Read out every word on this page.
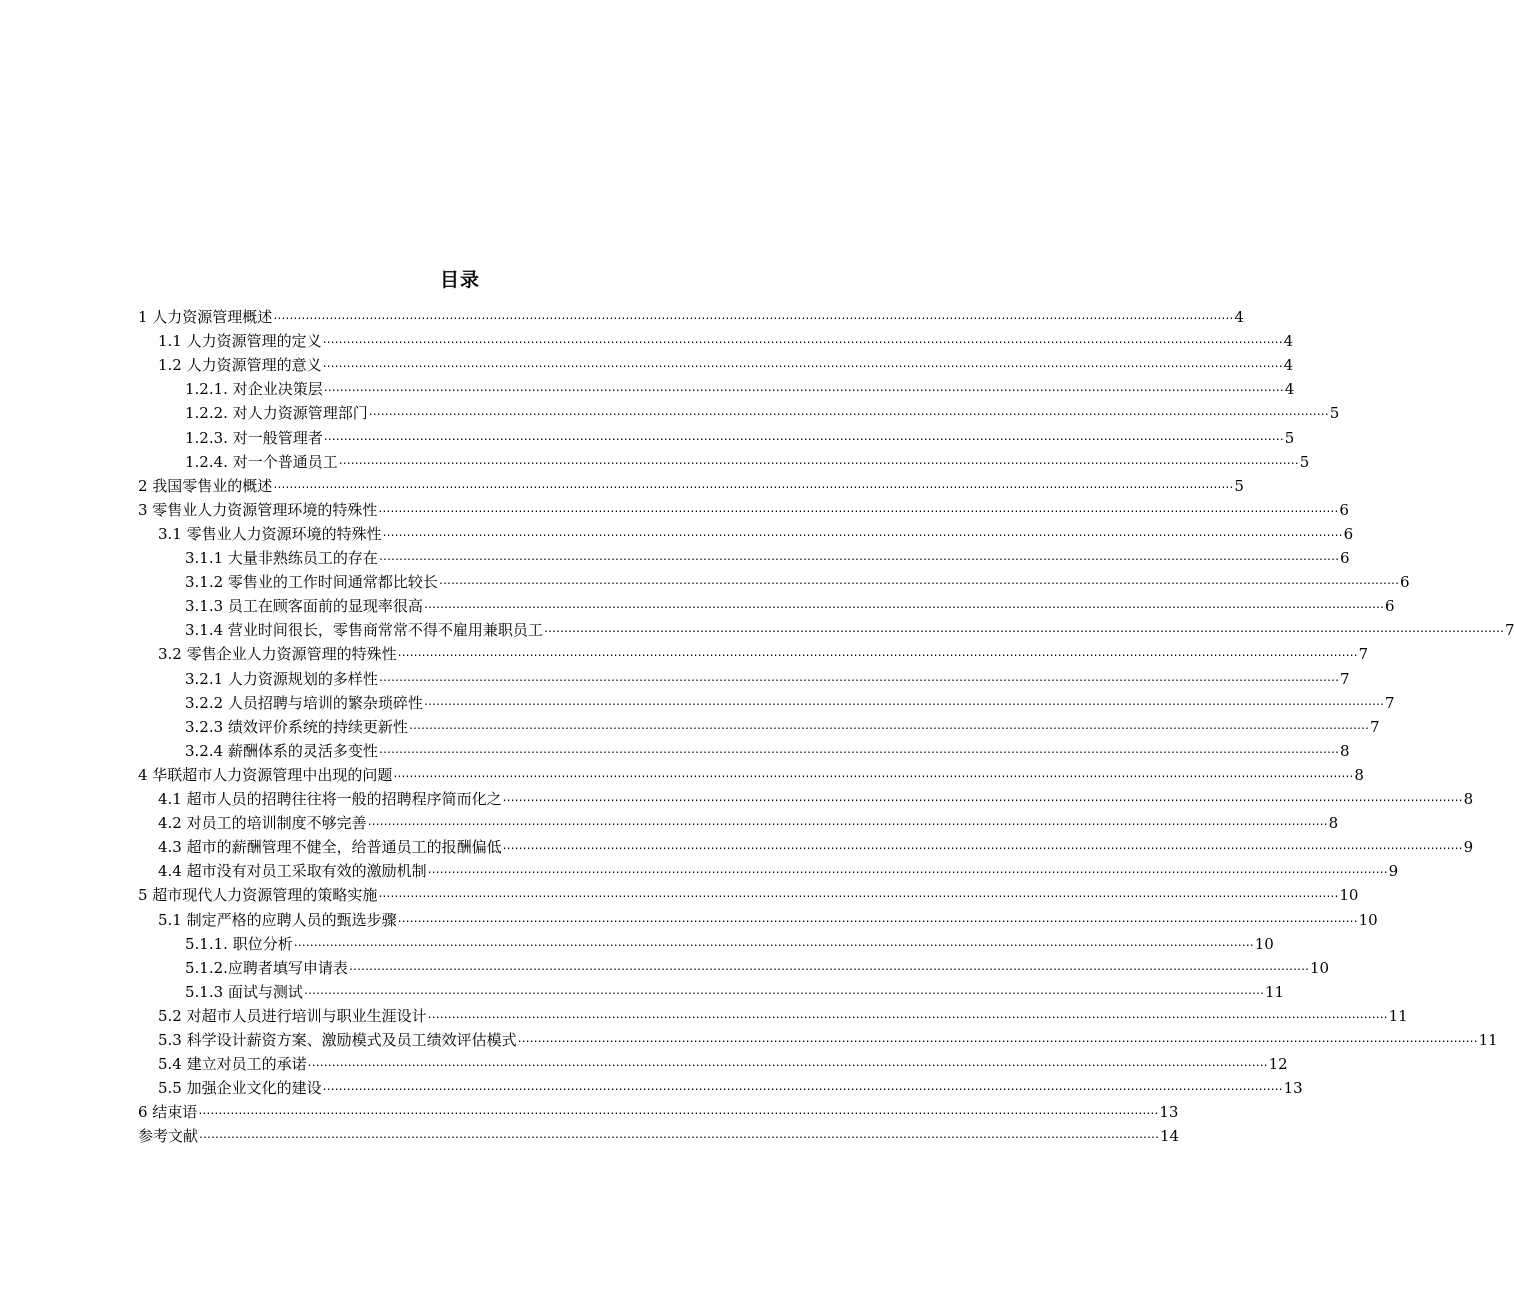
目录
1 人力资源管理概述 ⋯⋯⋯⋯⋯⋯⋯⋯⋯⋯⋯⋯⋯⋯⋯⋯⋯⋯⋯⋯⋯⋯⋯⋯⋯⋯⋯⋯⋯⋯⋯⋯⋯⋯⋯⋯⋯⋯⋯⋯⋯⋯⋯⋯⋯⋯⋯⋯⋯⋯⋯⋯⋯⋯⋯⋯⋯⋯⋯⋯⋯⋯⋯⋯⋯⋯⋯⋯⋯⋯⋯⋯⋯⋯⋯⋯⋯⋯⋯⋯ 4
1.1 人力资源管理的定义 ⋯⋯⋯⋯⋯⋯⋯⋯⋯⋯⋯⋯⋯⋯⋯⋯⋯⋯⋯⋯⋯⋯⋯⋯⋯⋯⋯⋯⋯⋯⋯⋯⋯⋯⋯⋯⋯⋯⋯⋯⋯⋯⋯⋯⋯⋯⋯⋯⋯⋯⋯⋯⋯⋯⋯⋯⋯⋯⋯⋯⋯⋯⋯⋯⋯⋯⋯⋯⋯⋯⋯⋯⋯⋯⋯⋯⋯⋯⋯⋯ 4
1.2 人力资源管理的意义 ⋯⋯⋯⋯⋯⋯⋯⋯⋯⋯⋯⋯⋯⋯⋯⋯⋯⋯⋯⋯⋯⋯⋯⋯⋯⋯⋯⋯⋯⋯⋯⋯⋯⋯⋯⋯⋯⋯⋯⋯⋯⋯⋯⋯⋯⋯⋯⋯⋯⋯⋯⋯⋯⋯⋯⋯⋯⋯⋯⋯⋯⋯⋯⋯⋯⋯⋯⋯⋯⋯⋯⋯⋯⋯⋯⋯⋯⋯⋯⋯ 4
1.2.1. 对企业决策层 ⋯⋯⋯⋯⋯⋯⋯⋯⋯⋯⋯⋯⋯⋯⋯⋯⋯⋯⋯⋯⋯⋯⋯⋯⋯⋯⋯⋯⋯⋯⋯⋯⋯⋯⋯⋯⋯⋯⋯⋯⋯⋯⋯⋯⋯⋯⋯⋯⋯⋯⋯⋯⋯⋯⋯⋯⋯⋯⋯⋯⋯⋯⋯⋯⋯⋯⋯⋯⋯⋯⋯⋯⋯⋯⋯⋯⋯⋯⋯⋯ 4
1.2.2. 对人力资源管理部门 ⋯⋯⋯⋯⋯⋯⋯⋯⋯⋯⋯⋯⋯⋯⋯⋯⋯⋯⋯⋯⋯⋯⋯⋯⋯⋯⋯⋯⋯⋯⋯⋯⋯⋯⋯⋯⋯⋯⋯⋯⋯⋯⋯⋯⋯⋯⋯⋯⋯⋯⋯⋯⋯⋯⋯⋯⋯⋯⋯⋯⋯⋯⋯⋯⋯⋯⋯⋯⋯⋯⋯⋯⋯⋯⋯⋯⋯⋯⋯⋯ 5
1.2.3. 对一般管理者 ⋯⋯⋯⋯⋯⋯⋯⋯⋯⋯⋯⋯⋯⋯⋯⋯⋯⋯⋯⋯⋯⋯⋯⋯⋯⋯⋯⋯⋯⋯⋯⋯⋯⋯⋯⋯⋯⋯⋯⋯⋯⋯⋯⋯⋯⋯⋯⋯⋯⋯⋯⋯⋯⋯⋯⋯⋯⋯⋯⋯⋯⋯⋯⋯⋯⋯⋯⋯⋯⋯⋯⋯⋯⋯⋯⋯⋯⋯⋯⋯ 5
1.2.4. 对一个普通员工 ⋯⋯⋯⋯⋯⋯⋯⋯⋯⋯⋯⋯⋯⋯⋯⋯⋯⋯⋯⋯⋯⋯⋯⋯⋯⋯⋯⋯⋯⋯⋯⋯⋯⋯⋯⋯⋯⋯⋯⋯⋯⋯⋯⋯⋯⋯⋯⋯⋯⋯⋯⋯⋯⋯⋯⋯⋯⋯⋯⋯⋯⋯⋯⋯⋯⋯⋯⋯⋯⋯⋯⋯⋯⋯⋯⋯⋯⋯⋯⋯ 5
2 我国零售业的概述 ⋯⋯⋯⋯⋯⋯⋯⋯⋯⋯⋯⋯⋯⋯⋯⋯⋯⋯⋯⋯⋯⋯⋯⋯⋯⋯⋯⋯⋯⋯⋯⋯⋯⋯⋯⋯⋯⋯⋯⋯⋯⋯⋯⋯⋯⋯⋯⋯⋯⋯⋯⋯⋯⋯⋯⋯⋯⋯⋯⋯⋯⋯⋯⋯⋯⋯⋯⋯⋯⋯⋯⋯⋯⋯⋯⋯⋯⋯⋯⋯ 5
3 零售业人力资源管理环境的特殊性 ⋯⋯⋯⋯⋯⋯⋯⋯⋯⋯⋯⋯⋯⋯⋯⋯⋯⋯⋯⋯⋯⋯⋯⋯⋯⋯⋯⋯⋯⋯⋯⋯⋯⋯⋯⋯⋯⋯⋯⋯⋯⋯⋯⋯⋯⋯⋯⋯⋯⋯⋯⋯⋯⋯⋯⋯⋯⋯⋯⋯⋯⋯⋯⋯⋯⋯⋯⋯⋯⋯⋯⋯⋯⋯⋯⋯⋯⋯⋯⋯ 6
3.1 零售业人力资源环境的特殊性 ⋯⋯⋯⋯⋯⋯⋯⋯⋯⋯⋯⋯⋯⋯⋯⋯⋯⋯⋯⋯⋯⋯⋯⋯⋯⋯⋯⋯⋯⋯⋯⋯⋯⋯⋯⋯⋯⋯⋯⋯⋯⋯⋯⋯⋯⋯⋯⋯⋯⋯⋯⋯⋯⋯⋯⋯⋯⋯⋯⋯⋯⋯⋯⋯⋯⋯⋯⋯⋯⋯⋯⋯⋯⋯⋯⋯⋯⋯⋯⋯ 6
3.1.1 大量非熟练员工的存在 ⋯⋯⋯⋯⋯⋯⋯⋯⋯⋯⋯⋯⋯⋯⋯⋯⋯⋯⋯⋯⋯⋯⋯⋯⋯⋯⋯⋯⋯⋯⋯⋯⋯⋯⋯⋯⋯⋯⋯⋯⋯⋯⋯⋯⋯⋯⋯⋯⋯⋯⋯⋯⋯⋯⋯⋯⋯⋯⋯⋯⋯⋯⋯⋯⋯⋯⋯⋯⋯⋯⋯⋯⋯⋯⋯⋯⋯⋯⋯⋯ 6
3.1.2 零售业的工作时间通常都比较长 ⋯⋯⋯⋯⋯⋯⋯⋯⋯⋯⋯⋯⋯⋯⋯⋯⋯⋯⋯⋯⋯⋯⋯⋯⋯⋯⋯⋯⋯⋯⋯⋯⋯⋯⋯⋯⋯⋯⋯⋯⋯⋯⋯⋯⋯⋯⋯⋯⋯⋯⋯⋯⋯⋯⋯⋯⋯⋯⋯⋯⋯⋯⋯⋯⋯⋯⋯⋯⋯⋯⋯⋯⋯⋯⋯⋯⋯⋯⋯⋯ 6
3.1.3 员工在顾客面前的显现率很高 ⋯⋯⋯⋯⋯⋯⋯⋯⋯⋯⋯⋯⋯⋯⋯⋯⋯⋯⋯⋯⋯⋯⋯⋯⋯⋯⋯⋯⋯⋯⋯⋯⋯⋯⋯⋯⋯⋯⋯⋯⋯⋯⋯⋯⋯⋯⋯⋯⋯⋯⋯⋯⋯⋯⋯⋯⋯⋯⋯⋯⋯⋯⋯⋯⋯⋯⋯⋯⋯⋯⋯⋯⋯⋯⋯⋯⋯⋯⋯⋯ 6
3.1.4 营业时间很长，零售商常常不得不雇用兼职员工 ⋯⋯⋯⋯⋯⋯⋯⋯⋯⋯⋯⋯⋯⋯⋯⋯⋯⋯⋯⋯⋯⋯⋯⋯⋯⋯⋯⋯⋯⋯⋯⋯⋯⋯⋯⋯⋯⋯⋯⋯⋯⋯⋯⋯⋯⋯⋯⋯⋯⋯⋯⋯⋯⋯⋯⋯⋯⋯⋯⋯⋯⋯⋯⋯⋯⋯⋯⋯⋯⋯⋯⋯⋯⋯⋯⋯⋯⋯⋯⋯ 7
3.2 零售企业人力资源管理的特殊性 ⋯⋯⋯⋯⋯⋯⋯⋯⋯⋯⋯⋯⋯⋯⋯⋯⋯⋯⋯⋯⋯⋯⋯⋯⋯⋯⋯⋯⋯⋯⋯⋯⋯⋯⋯⋯⋯⋯⋯⋯⋯⋯⋯⋯⋯⋯⋯⋯⋯⋯⋯⋯⋯⋯⋯⋯⋯⋯⋯⋯⋯⋯⋯⋯⋯⋯⋯⋯⋯⋯⋯⋯⋯⋯⋯⋯⋯⋯⋯⋯ 7
3.2.1 人力资源规划的多样性 ⋯⋯⋯⋯⋯⋯⋯⋯⋯⋯⋯⋯⋯⋯⋯⋯⋯⋯⋯⋯⋯⋯⋯⋯⋯⋯⋯⋯⋯⋯⋯⋯⋯⋯⋯⋯⋯⋯⋯⋯⋯⋯⋯⋯⋯⋯⋯⋯⋯⋯⋯⋯⋯⋯⋯⋯⋯⋯⋯⋯⋯⋯⋯⋯⋯⋯⋯⋯⋯⋯⋯⋯⋯⋯⋯⋯⋯⋯⋯⋯ 7
3.2.2 人员招聘与培训的繁杂琐碎性 ⋯⋯⋯⋯⋯⋯⋯⋯⋯⋯⋯⋯⋯⋯⋯⋯⋯⋯⋯⋯⋯⋯⋯⋯⋯⋯⋯⋯⋯⋯⋯⋯⋯⋯⋯⋯⋯⋯⋯⋯⋯⋯⋯⋯⋯⋯⋯⋯⋯⋯⋯⋯⋯⋯⋯⋯⋯⋯⋯⋯⋯⋯⋯⋯⋯⋯⋯⋯⋯⋯⋯⋯⋯⋯⋯⋯⋯⋯⋯⋯ 7
3.2.3 绩效评价系统的持续更新性 ⋯⋯⋯⋯⋯⋯⋯⋯⋯⋯⋯⋯⋯⋯⋯⋯⋯⋯⋯⋯⋯⋯⋯⋯⋯⋯⋯⋯⋯⋯⋯⋯⋯⋯⋯⋯⋯⋯⋯⋯⋯⋯⋯⋯⋯⋯⋯⋯⋯⋯⋯⋯⋯⋯⋯⋯⋯⋯⋯⋯⋯⋯⋯⋯⋯⋯⋯⋯⋯⋯⋯⋯⋯⋯⋯⋯⋯⋯⋯⋯ 7
3.2.4 薪酬体系的灵活多变性 ⋯⋯⋯⋯⋯⋯⋯⋯⋯⋯⋯⋯⋯⋯⋯⋯⋯⋯⋯⋯⋯⋯⋯⋯⋯⋯⋯⋯⋯⋯⋯⋯⋯⋯⋯⋯⋯⋯⋯⋯⋯⋯⋯⋯⋯⋯⋯⋯⋯⋯⋯⋯⋯⋯⋯⋯⋯⋯⋯⋯⋯⋯⋯⋯⋯⋯⋯⋯⋯⋯⋯⋯⋯⋯⋯⋯⋯⋯⋯⋯ 8
4 华联超市人力资源管理中出现的问题 ⋯⋯⋯⋯⋯⋯⋯⋯⋯⋯⋯⋯⋯⋯⋯⋯⋯⋯⋯⋯⋯⋯⋯⋯⋯⋯⋯⋯⋯⋯⋯⋯⋯⋯⋯⋯⋯⋯⋯⋯⋯⋯⋯⋯⋯⋯⋯⋯⋯⋯⋯⋯⋯⋯⋯⋯⋯⋯⋯⋯⋯⋯⋯⋯⋯⋯⋯⋯⋯⋯⋯⋯⋯⋯⋯⋯⋯⋯⋯⋯ 8
4.1 超市人员的招聘往往将一般的招聘程序简而化之 ⋯⋯⋯⋯⋯⋯⋯⋯⋯⋯⋯⋯⋯⋯⋯⋯⋯⋯⋯⋯⋯⋯⋯⋯⋯⋯⋯⋯⋯⋯⋯⋯⋯⋯⋯⋯⋯⋯⋯⋯⋯⋯⋯⋯⋯⋯⋯⋯⋯⋯⋯⋯⋯⋯⋯⋯⋯⋯⋯⋯⋯⋯⋯⋯⋯⋯⋯⋯⋯⋯⋯⋯⋯⋯⋯⋯⋯⋯⋯⋯ 8
4.2 对员工的培训制度不够完善 ⋯⋯⋯⋯⋯⋯⋯⋯⋯⋯⋯⋯⋯⋯⋯⋯⋯⋯⋯⋯⋯⋯⋯⋯⋯⋯⋯⋯⋯⋯⋯⋯⋯⋯⋯⋯⋯⋯⋯⋯⋯⋯⋯⋯⋯⋯⋯⋯⋯⋯⋯⋯⋯⋯⋯⋯⋯⋯⋯⋯⋯⋯⋯⋯⋯⋯⋯⋯⋯⋯⋯⋯⋯⋯⋯⋯⋯⋯⋯⋯ 8
4.3 超市的薪酬管理不健全，给普通员工的报酬偏低 ⋯⋯⋯⋯⋯⋯⋯⋯⋯⋯⋯⋯⋯⋯⋯⋯⋯⋯⋯⋯⋯⋯⋯⋯⋯⋯⋯⋯⋯⋯⋯⋯⋯⋯⋯⋯⋯⋯⋯⋯⋯⋯⋯⋯⋯⋯⋯⋯⋯⋯⋯⋯⋯⋯⋯⋯⋯⋯⋯⋯⋯⋯⋯⋯⋯⋯⋯⋯⋯⋯⋯⋯⋯⋯⋯⋯⋯⋯⋯⋯ 9
4.4 超市没有对员工采取有效的激励机制 ⋯⋯⋯⋯⋯⋯⋯⋯⋯⋯⋯⋯⋯⋯⋯⋯⋯⋯⋯⋯⋯⋯⋯⋯⋯⋯⋯⋯⋯⋯⋯⋯⋯⋯⋯⋯⋯⋯⋯⋯⋯⋯⋯⋯⋯⋯⋯⋯⋯⋯⋯⋯⋯⋯⋯⋯⋯⋯⋯⋯⋯⋯⋯⋯⋯⋯⋯⋯⋯⋯⋯⋯⋯⋯⋯⋯⋯⋯⋯⋯ 9
5 超市现代人力资源管理的策略实施 ⋯⋯⋯⋯⋯⋯⋯⋯⋯⋯⋯⋯⋯⋯⋯⋯⋯⋯⋯⋯⋯⋯⋯⋯⋯⋯⋯⋯⋯⋯⋯⋯⋯⋯⋯⋯⋯⋯⋯⋯⋯⋯⋯⋯⋯⋯⋯⋯⋯⋯⋯⋯⋯⋯⋯⋯⋯⋯⋯⋯⋯⋯⋯⋯⋯⋯⋯⋯⋯⋯⋯⋯⋯⋯⋯⋯⋯⋯⋯⋯ 10
5.1 制定严格的应聘人员的甄选步骤 ⋯⋯⋯⋯⋯⋯⋯⋯⋯⋯⋯⋯⋯⋯⋯⋯⋯⋯⋯⋯⋯⋯⋯⋯⋯⋯⋯⋯⋯⋯⋯⋯⋯⋯⋯⋯⋯⋯⋯⋯⋯⋯⋯⋯⋯⋯⋯⋯⋯⋯⋯⋯⋯⋯⋯⋯⋯⋯⋯⋯⋯⋯⋯⋯⋯⋯⋯⋯⋯⋯⋯⋯⋯⋯⋯⋯⋯⋯⋯⋯ 10
5.1.1. 职位分析 ⋯⋯⋯⋯⋯⋯⋯⋯⋯⋯⋯⋯⋯⋯⋯⋯⋯⋯⋯⋯⋯⋯⋯⋯⋯⋯⋯⋯⋯⋯⋯⋯⋯⋯⋯⋯⋯⋯⋯⋯⋯⋯⋯⋯⋯⋯⋯⋯⋯⋯⋯⋯⋯⋯⋯⋯⋯⋯⋯⋯⋯⋯⋯⋯⋯⋯⋯⋯⋯⋯⋯⋯⋯⋯⋯⋯⋯⋯⋯⋯ 10
5.1.2.应聘者填写申请表 ⋯⋯⋯⋯⋯⋯⋯⋯⋯⋯⋯⋯⋯⋯⋯⋯⋯⋯⋯⋯⋯⋯⋯⋯⋯⋯⋯⋯⋯⋯⋯⋯⋯⋯⋯⋯⋯⋯⋯⋯⋯⋯⋯⋯⋯⋯⋯⋯⋯⋯⋯⋯⋯⋯⋯⋯⋯⋯⋯⋯⋯⋯⋯⋯⋯⋯⋯⋯⋯⋯⋯⋯⋯⋯⋯⋯⋯⋯⋯⋯ 10
5.1.3 面试与测试 ⋯⋯⋯⋯⋯⋯⋯⋯⋯⋯⋯⋯⋯⋯⋯⋯⋯⋯⋯⋯⋯⋯⋯⋯⋯⋯⋯⋯⋯⋯⋯⋯⋯⋯⋯⋯⋯⋯⋯⋯⋯⋯⋯⋯⋯⋯⋯⋯⋯⋯⋯⋯⋯⋯⋯⋯⋯⋯⋯⋯⋯⋯⋯⋯⋯⋯⋯⋯⋯⋯⋯⋯⋯⋯⋯⋯⋯⋯⋯⋯ 11
5.2 对超市人员进行培训与职业生涯设计 ⋯⋯⋯⋯⋯⋯⋯⋯⋯⋯⋯⋯⋯⋯⋯⋯⋯⋯⋯⋯⋯⋯⋯⋯⋯⋯⋯⋯⋯⋯⋯⋯⋯⋯⋯⋯⋯⋯⋯⋯⋯⋯⋯⋯⋯⋯⋯⋯⋯⋯⋯⋯⋯⋯⋯⋯⋯⋯⋯⋯⋯⋯⋯⋯⋯⋯⋯⋯⋯⋯⋯⋯⋯⋯⋯⋯⋯⋯⋯⋯ 11
5.3 科学设计薪资方案、激励模式及员工绩效评估模式 ⋯⋯⋯⋯⋯⋯⋯⋯⋯⋯⋯⋯⋯⋯⋯⋯⋯⋯⋯⋯⋯⋯⋯⋯⋯⋯⋯⋯⋯⋯⋯⋯⋯⋯⋯⋯⋯⋯⋯⋯⋯⋯⋯⋯⋯⋯⋯⋯⋯⋯⋯⋯⋯⋯⋯⋯⋯⋯⋯⋯⋯⋯⋯⋯⋯⋯⋯⋯⋯⋯⋯⋯⋯⋯⋯⋯⋯⋯⋯⋯ 11
5.4 建立对员工的承诺 ⋯⋯⋯⋯⋯⋯⋯⋯⋯⋯⋯⋯⋯⋯⋯⋯⋯⋯⋯⋯⋯⋯⋯⋯⋯⋯⋯⋯⋯⋯⋯⋯⋯⋯⋯⋯⋯⋯⋯⋯⋯⋯⋯⋯⋯⋯⋯⋯⋯⋯⋯⋯⋯⋯⋯⋯⋯⋯⋯⋯⋯⋯⋯⋯⋯⋯⋯⋯⋯⋯⋯⋯⋯⋯⋯⋯⋯⋯⋯⋯ 12
5.5 加强企业文化的建设 ⋯⋯⋯⋯⋯⋯⋯⋯⋯⋯⋯⋯⋯⋯⋯⋯⋯⋯⋯⋯⋯⋯⋯⋯⋯⋯⋯⋯⋯⋯⋯⋯⋯⋯⋯⋯⋯⋯⋯⋯⋯⋯⋯⋯⋯⋯⋯⋯⋯⋯⋯⋯⋯⋯⋯⋯⋯⋯⋯⋯⋯⋯⋯⋯⋯⋯⋯⋯⋯⋯⋯⋯⋯⋯⋯⋯⋯⋯⋯⋯ 13
6 结束语 ⋯⋯⋯⋯⋯⋯⋯⋯⋯⋯⋯⋯⋯⋯⋯⋯⋯⋯⋯⋯⋯⋯⋯⋯⋯⋯⋯⋯⋯⋯⋯⋯⋯⋯⋯⋯⋯⋯⋯⋯⋯⋯⋯⋯⋯⋯⋯⋯⋯⋯⋯⋯⋯⋯⋯⋯⋯⋯⋯⋯⋯⋯⋯⋯⋯⋯⋯⋯⋯⋯⋯⋯⋯⋯⋯⋯⋯⋯⋯⋯ 13
参考文献 ⋯⋯⋯⋯⋯⋯⋯⋯⋯⋯⋯⋯⋯⋯⋯⋯⋯⋯⋯⋯⋯⋯⋯⋯⋯⋯⋯⋯⋯⋯⋯⋯⋯⋯⋯⋯⋯⋯⋯⋯⋯⋯⋯⋯⋯⋯⋯⋯⋯⋯⋯⋯⋯⋯⋯⋯⋯⋯⋯⋯⋯⋯⋯⋯⋯⋯⋯⋯⋯⋯⋯⋯⋯⋯⋯⋯⋯⋯⋯⋯ 14
